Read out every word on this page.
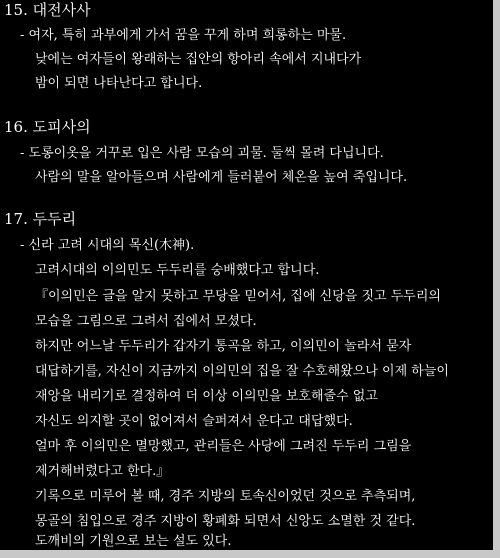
15. 대전사사
- 여자, 특히 과부에게 가서 꿈을 꾸게 하며 희롱하는 마물.
낮에는 여자들이 왕래하는 집안의 항아리 속에서 지내다가
밤이 되면 나타난다고 합니다.
16. 도피사의
- 도롱이옷을 거꾸로 입은 사람 모습의 괴물. 둘씩 몰려 다닙니다.
사람의 말을 알아들으며 사람에게 들러붙어 체온을 높여 죽입니다.
17. 두두리
- 신라 고려 시대의 목신(木神).
고려시대의 이의민도 두두리를 숭배했다고 합니다.
『이의민은 글을 알지 못하고 무당을 믿어서, 집에 신당을 짓고 두두리의
모습을 그림으로 그려서 집에서 모셨다.
하지만 어느날 두두리가 갑자기 통곡을 하고, 이의민이 놀라서 묻자
대답하기를, 자신이 지금까지 이의민의 집을 잘 수호해왔으나 이제 하늘이
재앙을 내리기로 결정하여 더 이상 이의민을 보호해줄수 없고
자신도 의지할 곳이 없어져서 슬퍼져서 운다고 대답했다.
얼마 후 이의민은 멸망했고, 관리들은 사당에 그려진 두두리 그림을
제거해버렸다고 한다.』
기록으로 미루어 볼 때, 경주 지방의 토속신이었던 것으로 추측되며,
몽골의 침입으로 경주 지방이 황폐화 되면서 신앙도 소멸한 것 같다.
도깨비의 기원으로 보는 설도 있다.
